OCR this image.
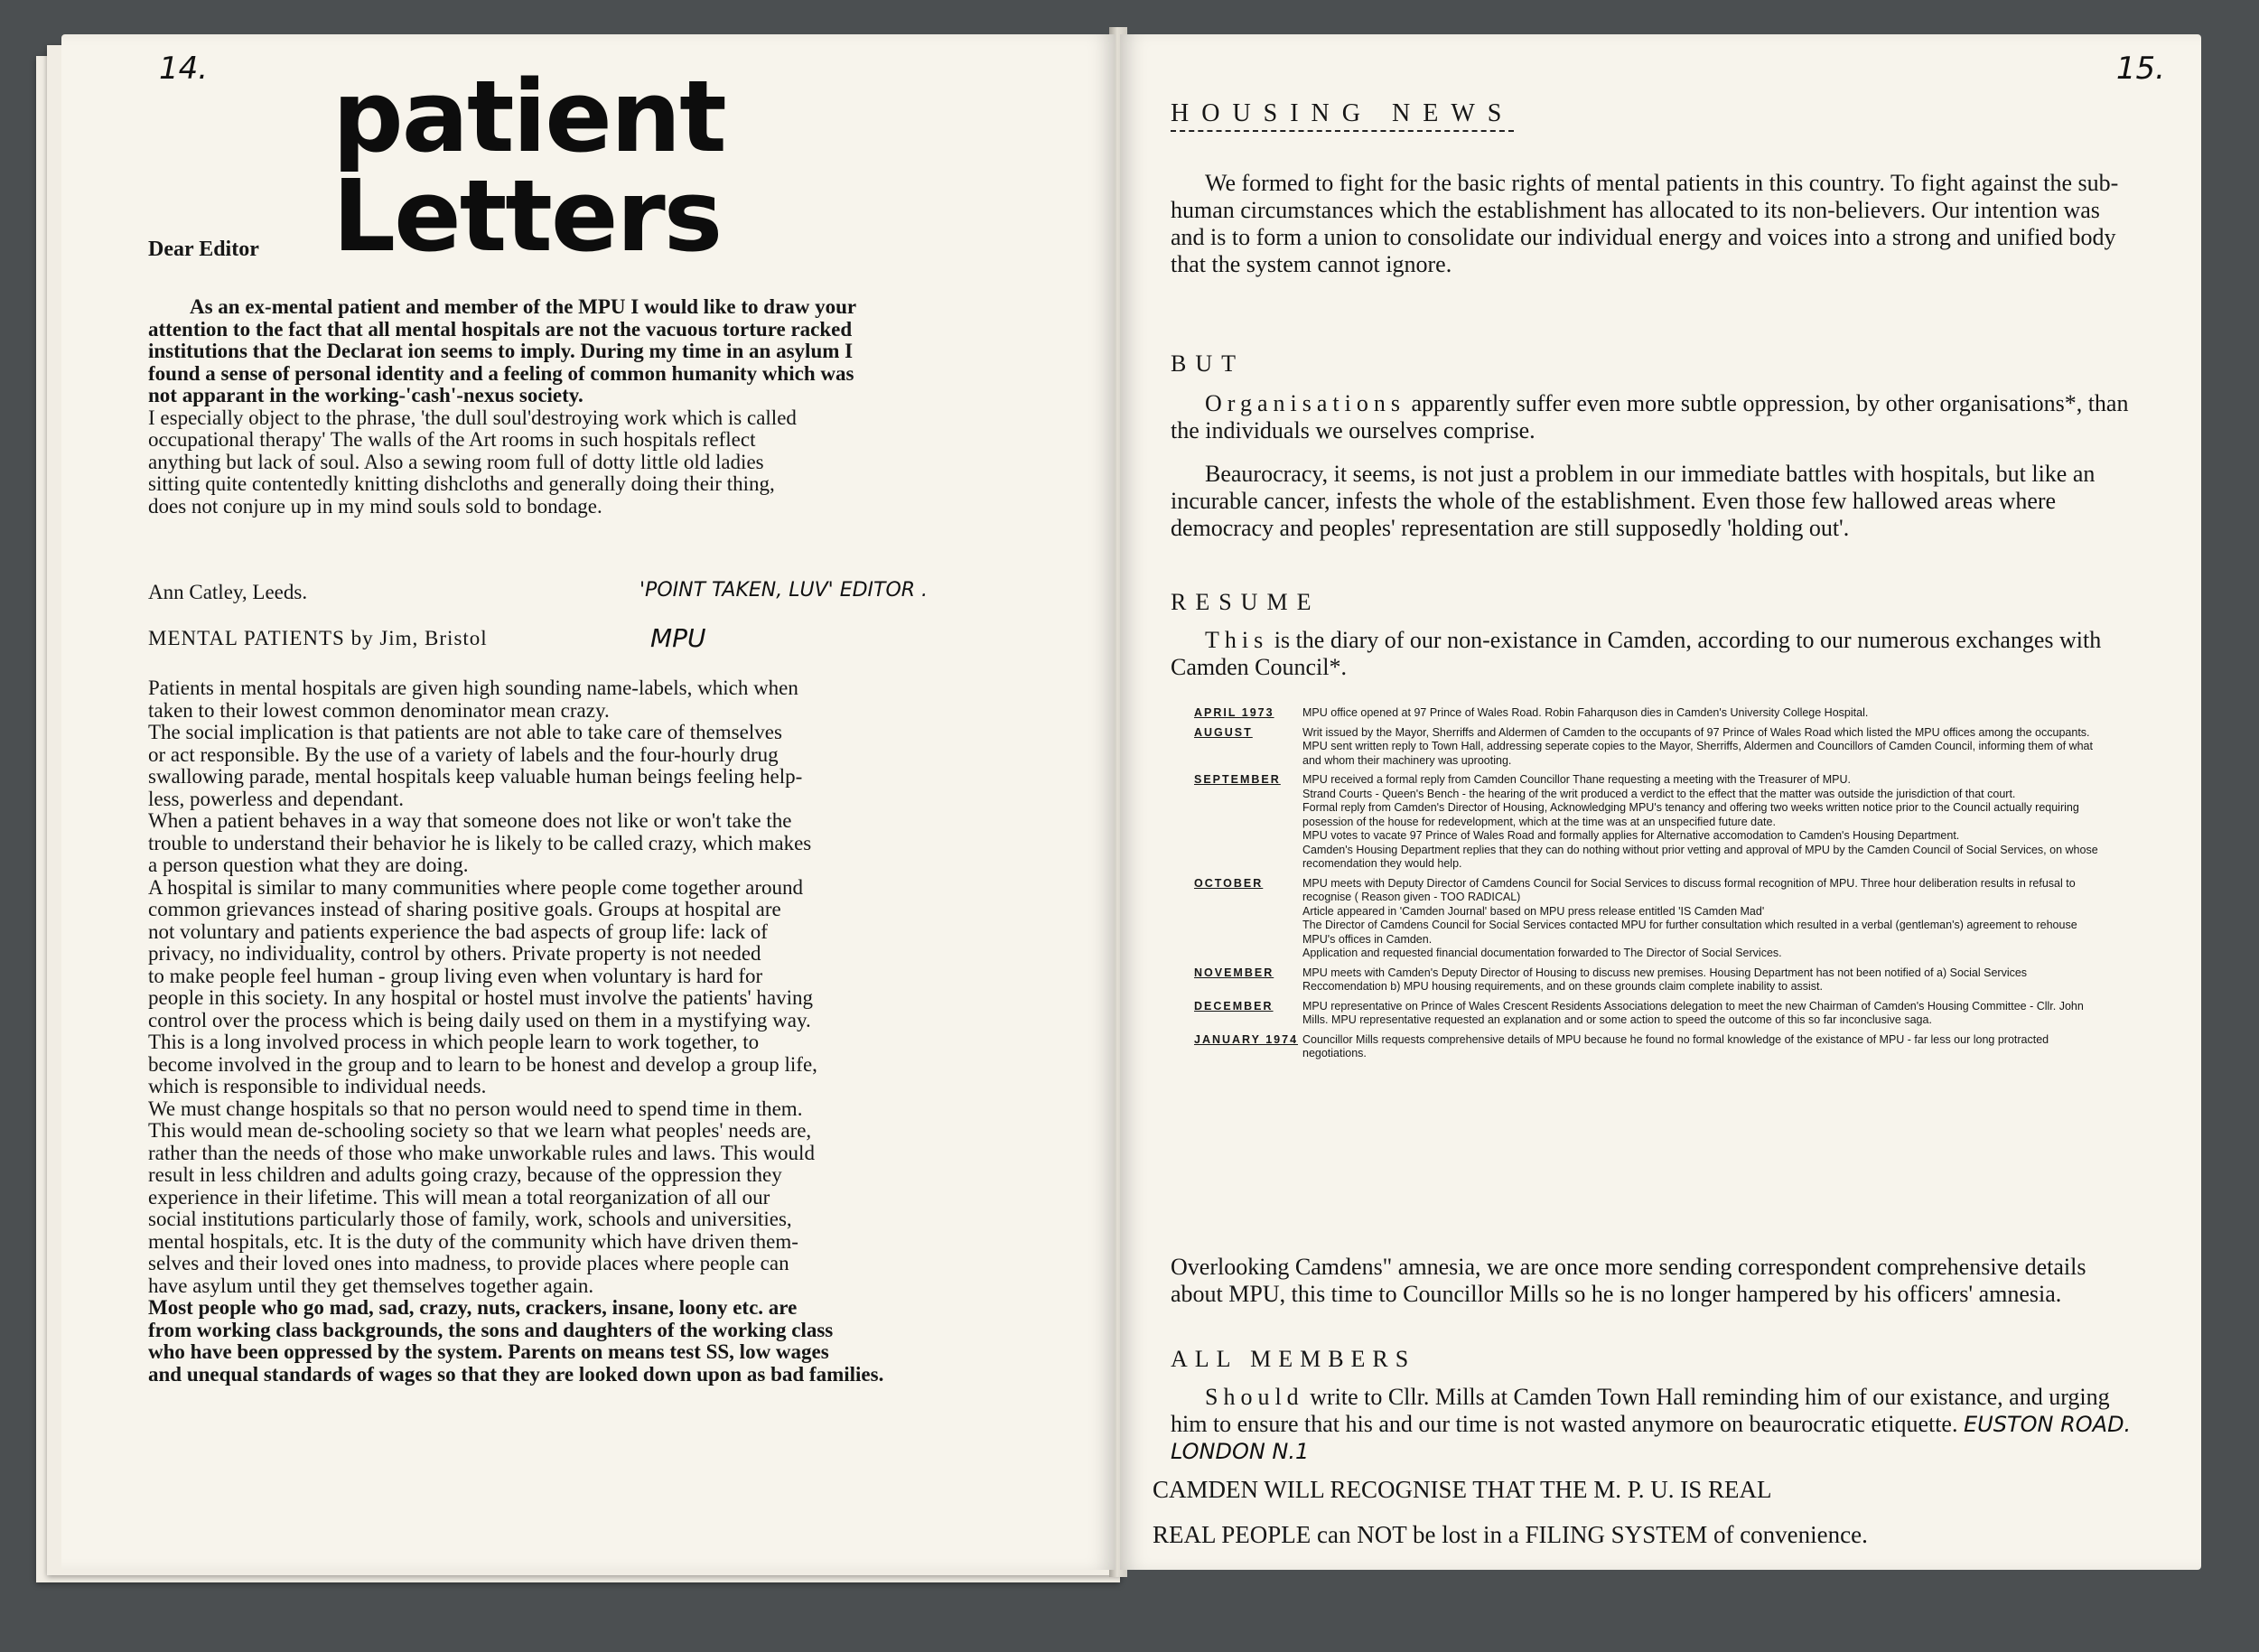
14. patient Letters
Dear Editor

As an ex-mental patient and member of the MPU I would like to draw your

attention to the fact that all mental hospitals are not the vacuous torture racked

institutions that the Declarat ion seems to imply. During my time in an asylum I

found a sense of personal identity and a feeling of common humanity which was

not apparant in the working-'cash'-nexus society.

I especially object to the phrase, 'the dull soul'destroying work which is called

occupational therapy' The walls of the Art rooms in such hospitals reflect

anything but lack of soul. Also a sewing room full of dotty little old ladies

sitting quite contentedly knitting dishcloths and generally doing their thing,

does not conjure up in my mind souls sold to bondage.

Ann Catley, Leeds.	'POINT TAKEN, LUV' EDITOR .
MENTAL PATIENTS by Jim, Bristol	MPU

Patients in mental hospitals are given high sounding name-labels, which when

taken to their lowest common denominator mean crazy.

The social implication is that patients are not able to take care of themselves

or act responsible. By the use of a variety of labels and the four-hourly drug

swallowing parade, mental hospitals keep valuable human beings feeling help-

less, powerless and dependant.

When a patient behaves in a way that someone does not like or won't take the

trouble to understand their behavior he is likely to be called crazy, which makes

a person question what they are doing.

A hospital is similar to many communities where people come together around

common grievances instead of sharing positive goals. Groups at hospital are

not voluntary and patients experience the bad aspects of group life: lack of

privacy, no individuality, control by others. Private property is not needed

to make people feel human - group living even when voluntary is hard for

people in this society. In any hospital or hostel must involve the patients' having

control over the process which is being daily used on them in a mystifying way.

This is a long involved process in which people learn to work together, to

become involved in the group and to learn to be honest and develop a group life,

which is responsible to individual needs.

We must change hospitals so that no person would need to spend time in them.

This would mean de-schooling society so that we learn what peoples' needs are,

rather than the needs of those who make unworkable rules and laws. This would

result in less children and adults going crazy, because of the oppression they

experience in their lifetime. This will mean a total reorganization of all our

social institutions particularly those of family, work, schools and universities,

mental hospitals, etc. It is the duty of the community which have driven them-

selves and their loved ones into madness, to provide places where people can

have asylum until they get themselves together again.

Most people who go mad, sad, crazy, nuts, crackers, insane, loony etc. are

from working class backgrounds, the sons and daughters of the working class

who have been oppressed by the system. Parents on means test SS, low wages

and unequal standards of wages so that they are looked down upon as bad families.

15.
HOUSING NEWS

We formed to fight for the basic rights of mental patients in this country. To fight against the sub-human circumstances which the establishment has allocated to its non-believers. Our intention was and is to form a union to consolidate our individual energy and voices into a strong and unified body that the system cannot ignore.

BUT

Organisations apparently suffer even more subtle oppression, by other organisations*, than the individuals we ourselves comprise.

Beaurocracy, it seems, is not just a problem in our immediate battles with hospitals, but like an incurable cancer, infests the whole of the establishment. Even those few hallowed areas where democracy and peoples' representation are still supposedly 'holding out'.

RESUME

This is the diary of our non-existance in Camden, according to our numerous exchanges with Camden Council*.

APRIL 1973	MPU office opened at 97 Prince of Wales Road. Robin Faharquson dies in Camden's University College Hospital.
AUGUST	Writ issued by the Mayor, Sherriffs and Aldermen of Camden to the occupants of 97 Prince of Wales Road which listed the MPU offices among the occupants.
MPU sent written reply to Town Hall, addressing seperate copies to the Mayor, Sherriffs, Aldermen and Councillors of Camden Council, informing them of what and whom their machinery was uprooting.
SEPTEMBER	MPU received a formal reply from Camden Councillor Thane requesting a meeting with the Treasurer of MPU.
Strand Courts - Queen's Bench - the hearing of the writ produced a verdict to the effect that the matter was outside the jurisdiction of that court.
Formal reply from Camden's Director of Housing, Acknowledging MPU's tenancy and offering two weeks written notice prior to the Council actually requiring posession of the house for redevelopment, which at the time was at an unspecified future date.
MPU votes to vacate 97 Prince of Wales Road and formally applies for Alternative accomodation to Camden's Housing Department.
Camden's Housing Department replies that they can do nothing without prior vetting and approval of MPU by the Camden Council of Social Services, on whose recomendation they would help.
OCTOBER	MPU meets with Deputy Director of Camdens Council for Social Services to discuss formal recognition of MPU. Three hour deliberation results in refusal to recognise ( Reason given - TOO RADICAL)
Article appeared in 'Camden Journal' based on MPU press release entitled 'IS Camden Mad'
The Director of Camdens Council for Social Services contacted MPU for further consultation which resulted in a verbal (gentleman's) agreement to rehouse MPU's offices in Camden.
Application and requested financial documentation forwarded to The Director of Social Services.
NOVEMBER	MPU meets with Camden's Deputy Director of Housing to discuss new premises. Housing Department has not been notified of a) Social Services Reccomendation b) MPU housing requirements, and on these grounds claim complete inability to assist.
DECEMBER	MPU representative on Prince of Wales Crescent Residents Associations delegation to meet the new Chairman of Camden's Housing Committee - Cllr. John Mills. MPU representative requested an explanation and or some action to speed the outcome of this so far inconclusive saga.
JANUARY 1974 Councillor Mills requests comprehensive details of MPU because he found no formal knowledge of the existance of MPU - far less our long protracted negotiations.

Overlooking Camdens" amnesia, we are once more sending correspondent comprehensive details about MPU, this time to Councillor Mills so he is no longer hampered by his officers' amnesia.

ALL MEMBERS

Should write to Cllr. Mills at Camden Town Hall reminding him of our existance, and urging him to ensure that his and our time is not wasted anymore on beaurocratic etiquette. EUSTON ROAD. LONDON N.1

CAMDEN WILL RECOGNISE THAT THE M. P. U. IS REAL
REAL PEOPLE can NOT be lost in a FILING SYSTEM of convenience.
